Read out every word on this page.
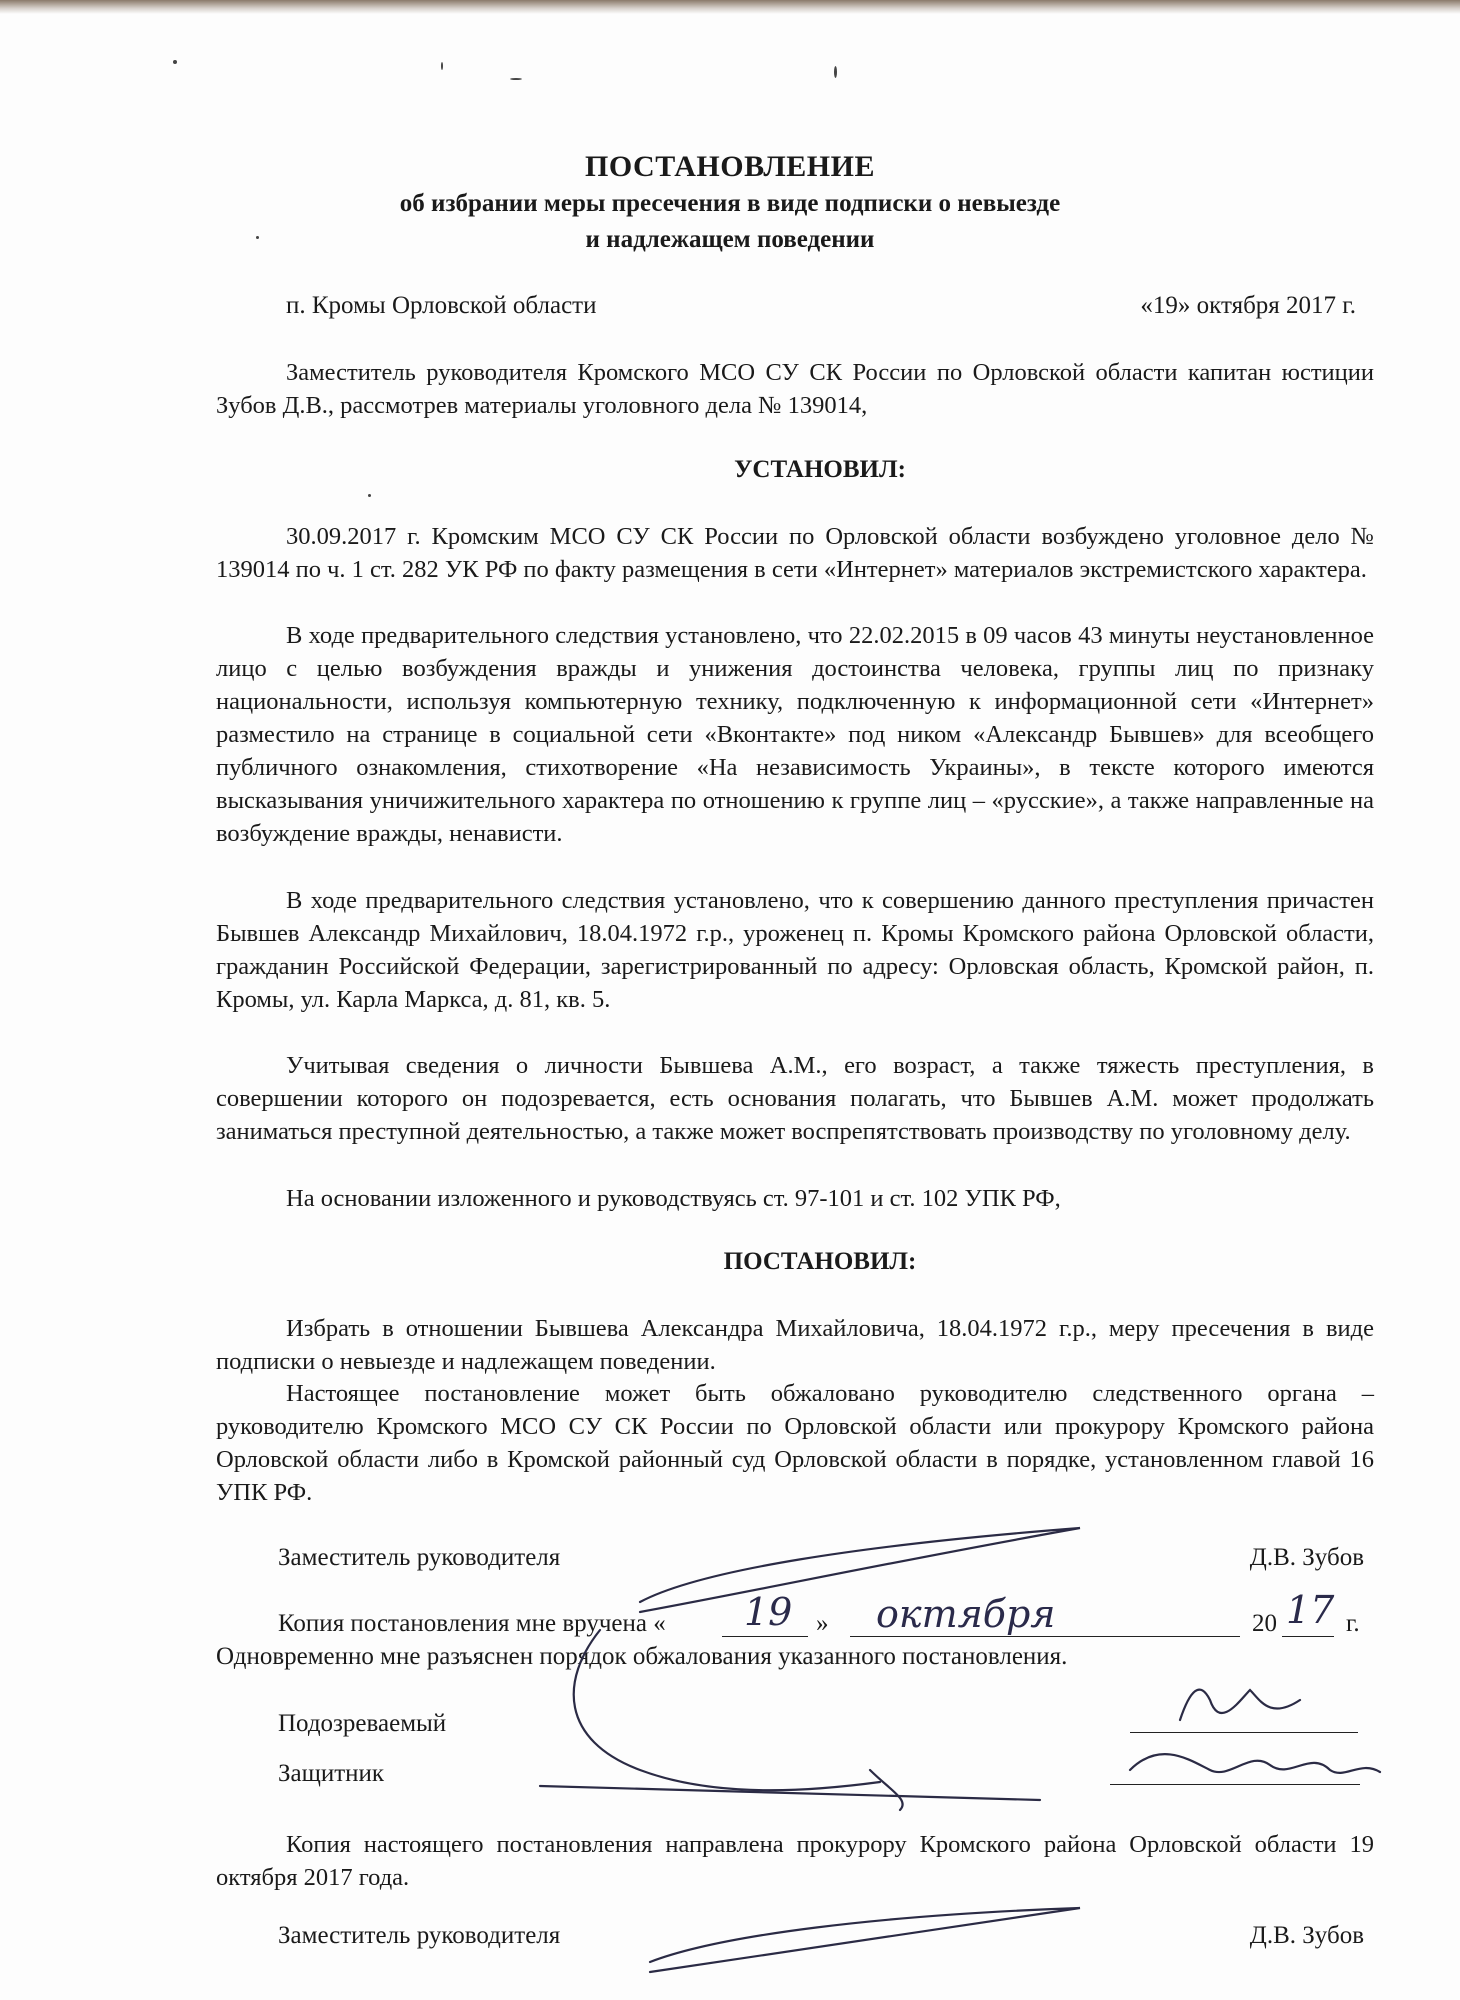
ПОСТАНОВЛЕНИЕ
об избрании меры пресечения в виде подписки о невыезде
и надлежащем поведении
п. Кромы Орловской области	«19» октября 2017 г.
Заместитель руководителя Кромского МСО СУ СК России по Орловской области капитан юстиции Зубов Д.В., рассмотрев материалы уголовного дела № 139014,
УСТАНОВИЛ:
30.09.2017 г. Кромским МСО СУ СК России по Орловской области возбуждено уголовное дело № 139014 по ч. 1 ст. 282 УК РФ по факту размещения в сети «Интернет» материалов экстремистского характера.
В ходе предварительного следствия установлено, что 22.02.2015 в 09 часов 43 минуты неустановленное лицо с целью возбуждения вражды и унижения достоинства человека, группы лиц по признаку национальности, используя компьютерную технику, подключенную к информационной сети «Интернет» разместило на странице в социальной сети «Вконтакте» под ником «Александр Бывшев» для всеобщего публичного ознакомления, стихотворение «На независимость Украины», в тексте которого имеются высказывания уничижительного характера по отношению к группе лиц – «русские», а также направленные на возбуждение вражды, ненависти.
В ходе предварительного следствия установлено, что к совершению данного преступления причастен Бывшев Александр Михайлович, 18.04.1972 г.р., уроженец п. Кромы Кромского района Орловской области, гражданин Российской Федерации, зарегистрированный по адресу: Орловская область, Кромской район, п. Кромы, ул. Карла Маркса, д. 81, кв. 5.
Учитывая сведения о личности Бывшева А.М., его возраст, а также тяжесть преступления, в совершении которого он подозревается, есть основания полагать, что Бывшев А.М. может продолжать заниматься преступной деятельностью, а также может воспрепятствовать производству по уголовному делу.
На основании изложенного и руководствуясь ст. 97-101 и ст. 102 УПК РФ,
ПОСТАНОВИЛ:
Избрать в отношении Бывшева Александра Михайловича, 18.04.1972 г.р., меру пресечения в виде подписки о невыезде и надлежащем поведении.
Настоящее постановление может быть обжаловано руководителю следственного органа – руководителю Кромского МСО СУ СК России по Орловской области или прокурору Кромского района Орловской области либо в Кромской районный суд Орловской области в порядке, установленном главой 16 УПК РФ.
Заместитель руководителя	Д.В. Зубов
Копия постановления мне вручена « 19 » октября	20 17 г.
Одновременно мне разъяснен порядок обжалования указанного постановления.
Подозреваемый
Защитник
Копия настоящего постановления направлена прокурору Кромского района Орловской области 19 октября 2017 года.
Заместитель руководителя	Д.В. Зубов
